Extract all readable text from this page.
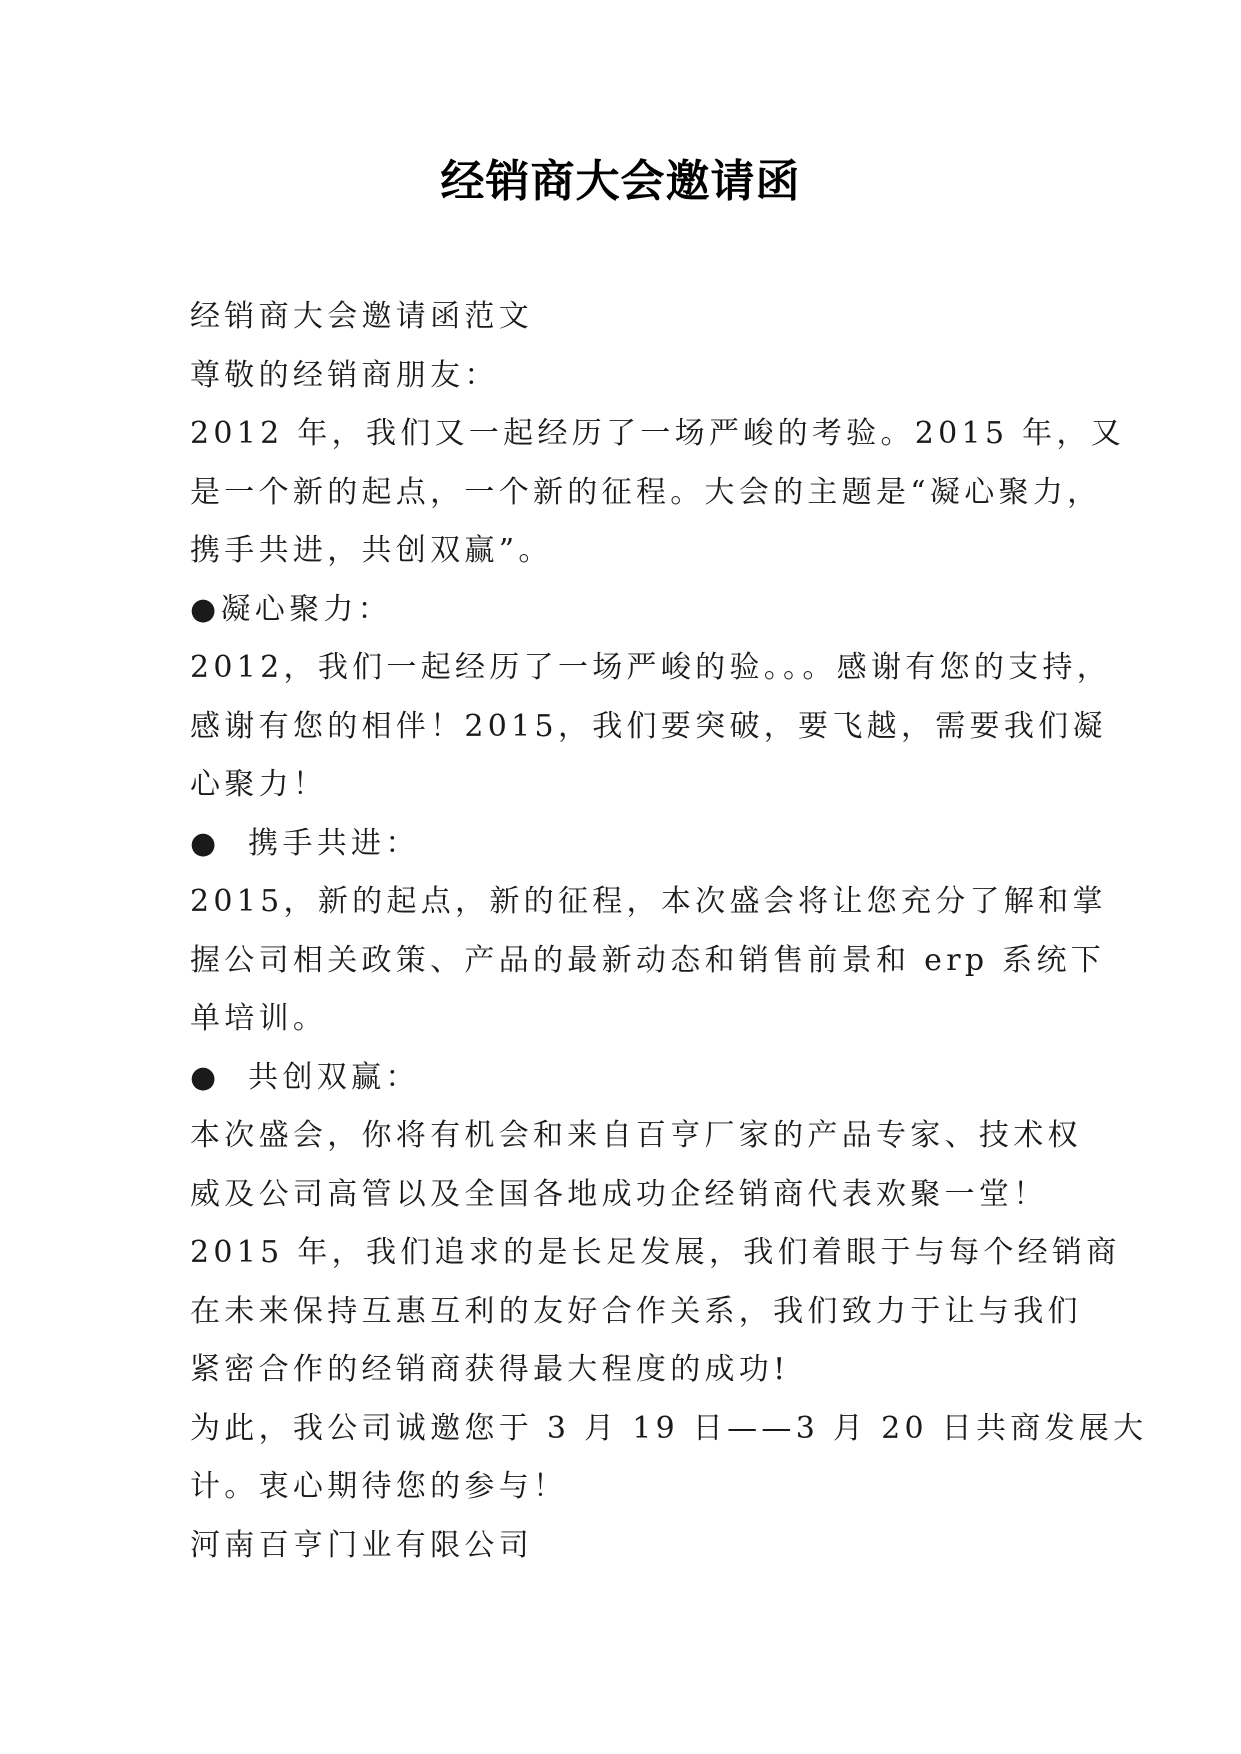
经销商大会邀请函

经销商大会邀请函范文

尊敬的经销商朋友：

2012 年，我们又一起经历了一场严峻的考验。2015 年，又

是一个新的起点，一个新的征程。大会的主题是“凝心聚力，

携手共进，共创双赢”。

●凝心聚力：

2012，我们一起经历了一场严峻的验。。。感谢有您的支持，

感谢有您的相伴！2015，我们要突破，要飞越，需要我们凝

心聚力！

●  携手共进：

2015，新的起点，新的征程，本次盛会将让您充分了解和掌

握公司相关政策、产品的最新动态和销售前景和 erp 系统下

单培训。

●  共创双赢：

本次盛会，你将有机会和来自百亨厂家的产品专家、技术权

威及公司高管以及全国各地成功企经销商代表欢聚一堂！

2015 年，我们追求的是长足发展，我们着眼于与每个经销商

在未来保持互惠互利的友好合作关系，我们致力于让与我们

紧密合作的经销商获得最大程度的成功!

为此，我公司诚邀您于 3 月 19 日——3 月 20 日共商发展大

计。衷心期待您的参与！

河南百亨门业有限公司
